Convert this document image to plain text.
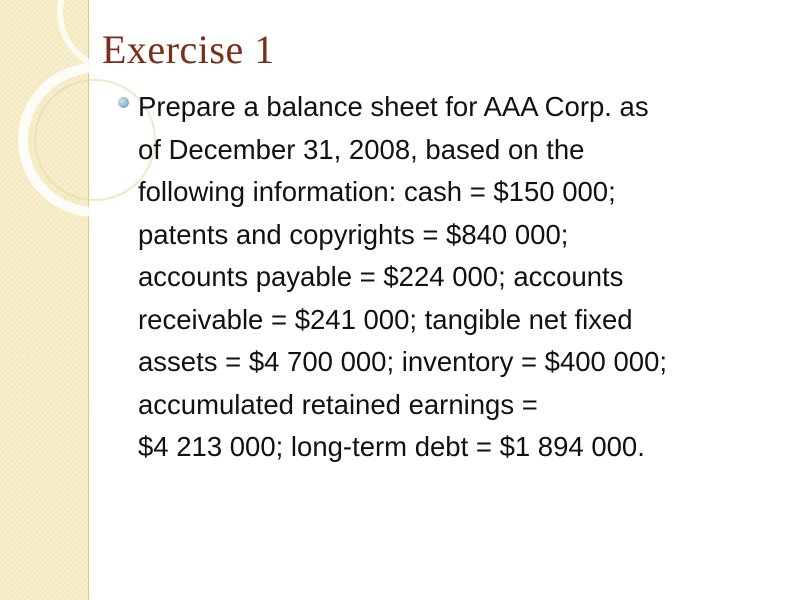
Exercise 1

Prepare a balance sheet for AAA Corp. as
of December 31, 2008, based on the
following information: cash = $150 000;
patents and copyrights = $840 000;
accounts payable = $224 000; accounts
receivable = $241 000; tangible net fixed
assets = $4 700 000; inventory = $400 000;
accumulated retained earnings =
$4 213 000; long-term debt = $1 894 000.
